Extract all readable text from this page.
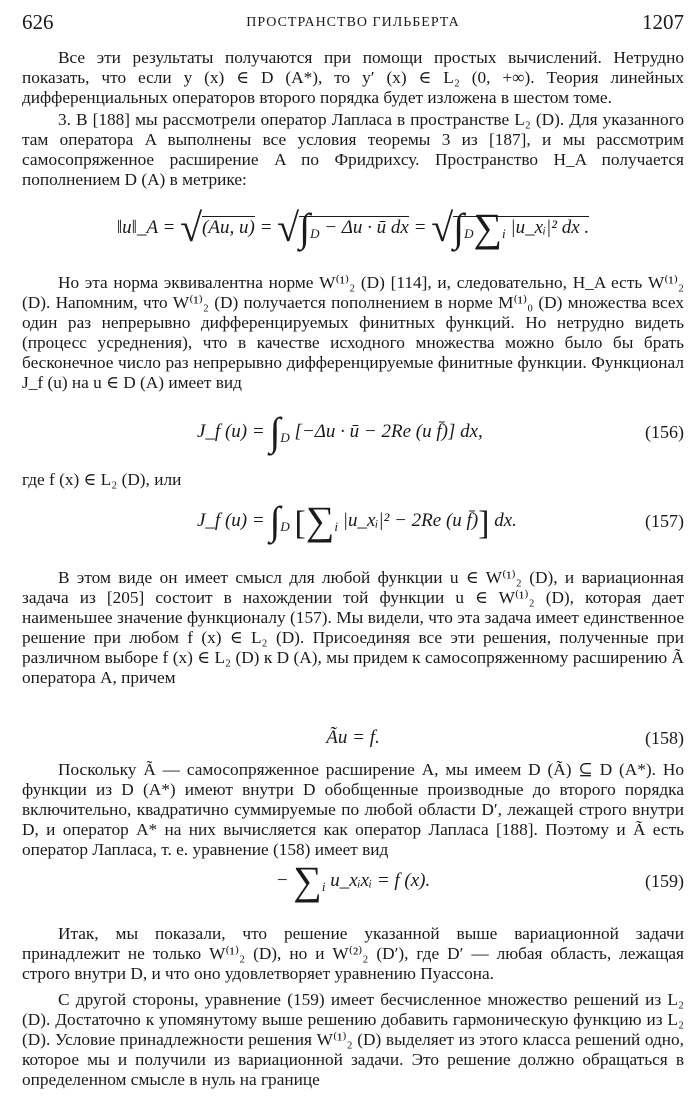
626	ПРОСТРАНСТВО ГИЛЬБЕРТА	1207

Все эти результаты получаются при помощи простых вычислений. Нетрудно показать, что если y (x) ∈ D (A*), то y′ (x) ∈ L₂ (0, +∞). Теория линейных дифференциальных операторов второго порядка будет изложена в шестом томе.

3. В [188] мы рассмотрели оператор Лапласа в пространстве L₂ (D). Для указанного там оператора A выполнены все условия теоремы 3 из [187], и мы рассмотрим самосопряженное расширение A по Фридрихсу. Пространство H_A получается пополнением D (A) в метрике:

‖u‖_A = √(Au, $u) = √\int_D - \Delta u$ · ū dx = $√\int_D\sum_i$ |u_xᵢ|² dx .

Но эта норма эквивалентна норме W⁽¹⁾₂ (D) [114], и, следовательно, H_A есть W⁽¹⁾₂ (D). Напомним, что W⁽¹⁾₂ (D) получается пополнением в норме M⁽¹⁾₀ (D) множества всех один раз непрерывно дифференцируемых финитных функций. Но нетрудно видеть (процесс усреднения), что в качестве исходного множества можно было бы брать бесконечное число раз непрерывно дифференцируемые финитные функции. Функционал J_f (u) на u ∈ D (A) имеет вид

J_f $(u) = \int_D$ [−Δu · ū − 2Re (u f̄)] dx,	(156)

где f (x) ∈ L₂ (D), или

J_f $(u) = \int_D$ [$\sum_i$ |u_xᵢ|² − 2Re (u f̄)] dx.	(157)

В этом виде он имеет смысл для любой функции u ∈ W⁽¹⁾₂ (D), и вариационная задача из [205] состоит в нахождении той функции u ∈ W⁽¹⁾₂ (D), которая дает наименьшее значение функционалу (157). Мы видели, что эта задача имеет единственное решение при любом f (x) ∈ L₂ (D). Присоединяя все эти решения, полученные при различном выборе f (x) ∈ L₂ (D) к D (A), мы придем к самосопряженному расширению Ã оператора A, причем

Ãu = f.	(158)

Поскольку Ã — самосопряженное расширение A, мы имеем D (Ã) ⊆ D (A*). Но функции из D (A*) имеют внутри D обобщенные производные до второго порядка включительно, квадратично суммируемые по любой области D′, лежащей строго внутри D, и оператор A* на них вычисляется как оператор Лапласа [188]. Поэтому и Ã есть оператор Лапласа, т. е. уравнение (158) имеет вид

− $\sum_i$ u_xᵢxᵢ = f (x).	(159)

Итак, мы показали, что решение указанной выше вариационной задачи принадлежит не только W⁽¹⁾₂ (D), но и W⁽²⁾₂ (D′), где D′ — любая область, лежащая строго внутри D, и что оно удовлетворяет уравнению Пуассона.

С другой стороны, уравнение (159) имеет бесчисленное множество решений из L₂ (D). Достаточно к упомянутому выше решению добавить гармоническую функцию из L₂ (D). Условие принадлежности решения W⁽¹⁾₂ (D) выделяет из этого класса решений одно, которое мы и получили из вариационной задачи. Это решение должно обращаться в определенном смысле в нуль на границе
